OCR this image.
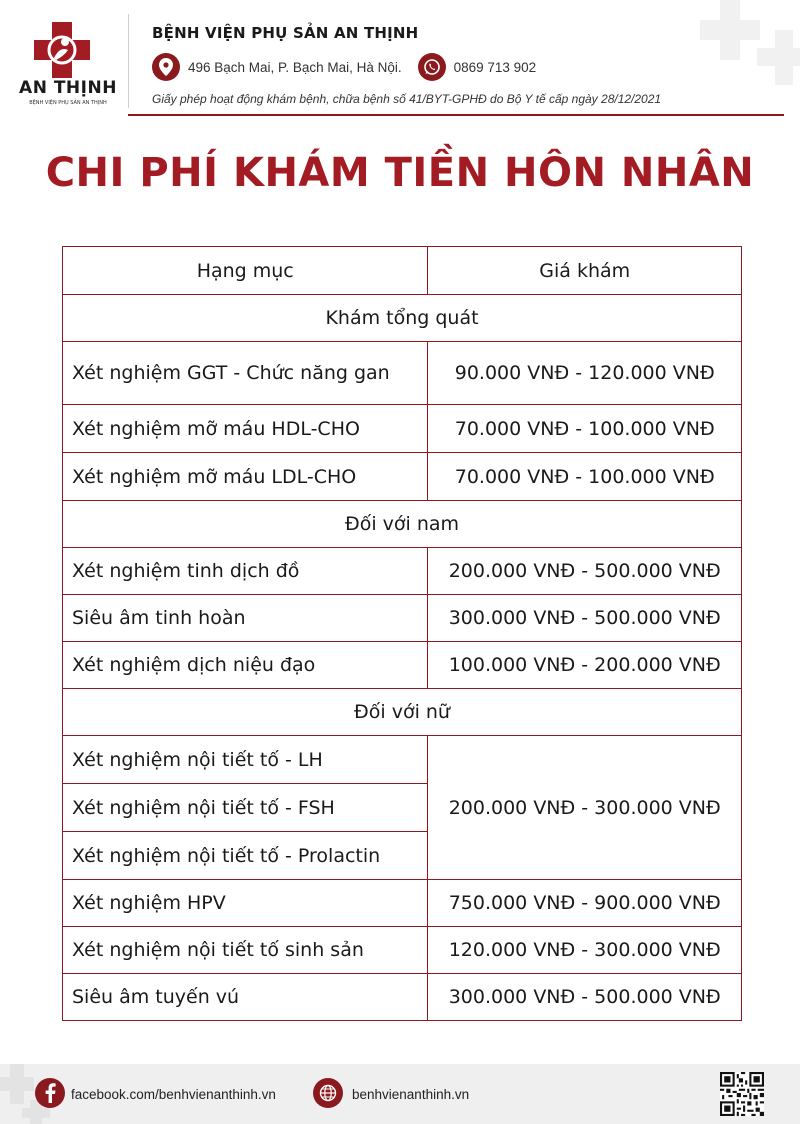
AN THỊNH
BỆNH VIỆN PHỤ SẢN AN THỊNH
BỆNH VIỆN PHỤ SẢN AN THỊNH
496 Bạch Mai, P. Bạch Mai, Hà Nội.	0869 713 902
Giấy phép hoạt động khám bệnh, chữa bệnh số 41/BYT-GPHĐ do Bộ Y tế cấp ngày 28/12/2021
CHI PHÍ KHÁM TIỀN HÔN NHÂN
Hạng mục	Giá khám
Khám tổng quát	
Xét nghiệm GGT - Chức năng gan	90.000 VNĐ - 120.000 VNĐ
Xét nghiệm mỡ máu HDL-CHO	70.000 VNĐ - 100.000 VNĐ
Xét nghiệm mỡ máu LDL-CHO	70.000 VNĐ - 100.000 VNĐ
Đối với nam	
Xét nghiệm tinh dịch đồ	200.000 VNĐ - 500.000 VNĐ
Siêu âm tinh hoàn	300.000 VNĐ - 500.000 VNĐ
Xét nghiệm dịch niệu đạo	100.000 VNĐ - 200.000 VNĐ
Đối với nữ	
Xét nghiệm nội tiết tố - LH	200.000 VNĐ - 300.000 VNĐ
Xét nghiệm nội tiết tố - FSH	
Xét nghiệm nội tiết tố - Prolactin	
Xét nghiệm HPV	750.000 VNĐ - 900.000 VNĐ
Xét nghiệm nội tiết tố sinh sản	120.000 VNĐ - 300.000 VNĐ
Siêu âm tuyến vú	300.000 VNĐ - 500.000 VNĐ
facebook.com/benhvienanthinh.vn	benhvienanthinh.vn
